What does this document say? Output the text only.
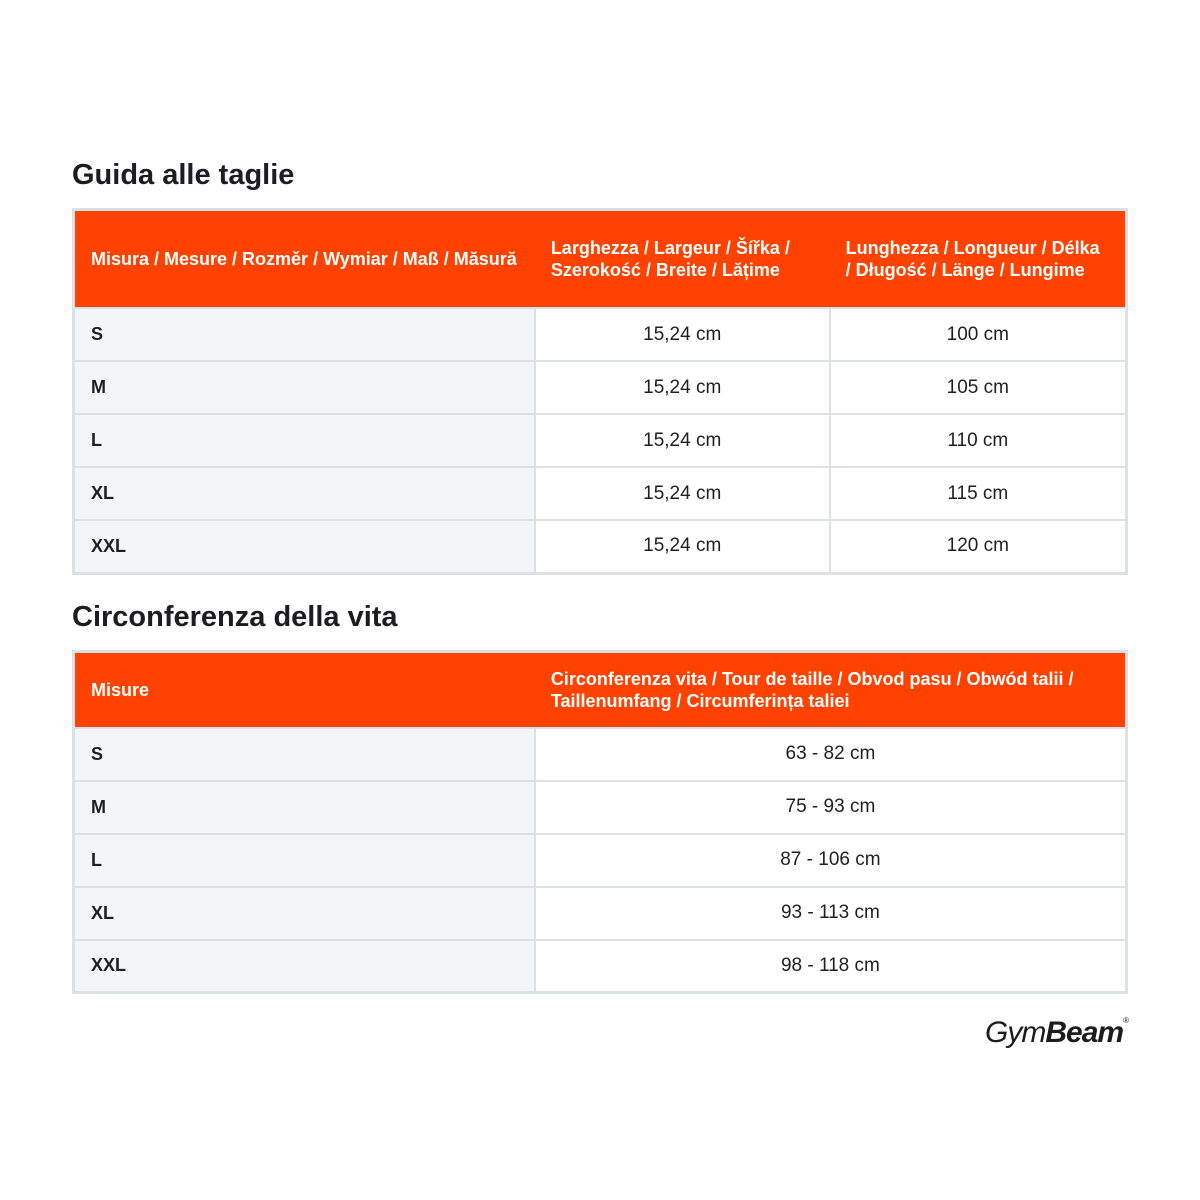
Guida alle taglie
Misura / Mesure / Rozměr / Wymiar / Maß / Măsură	Larghezza / Largeur / Šířka / Szerokość / Breite / Lățime	Lunghezza / Longueur / Délka / Długość / Länge / Lungime
S	15,24 cm	100 cm
M	15,24 cm	105 cm
L	15,24 cm	110 cm
XL	15,24 cm	115 cm
XXL	15,24 cm	120 cm
Circonferenza della vita
Misure	Circonferenza vita / Tour de taille / Obvod pasu / Obwód talii / Taillenumfang / Circumferința taliei
S	63 - 82 cm
M	75 - 93 cm
L	87 - 106 cm
XL	93 - 113 cm
XXL	98 - 118 cm
GymBeam®
